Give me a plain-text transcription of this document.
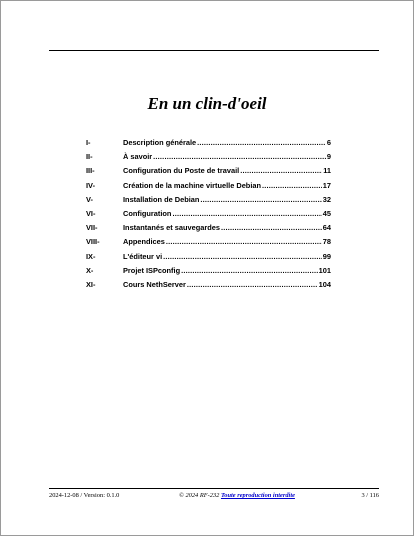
En un clin-d'oeil
I-	Description générale .....	6
II-	À savoir .....	9
III-	Configuration du Poste de travail .....	11
IV-	Création de la machine virtuelle Debian .....	17
V-	Installation de Debian .....	32
VI-	Configuration .....	45
VII-	Instantanés et sauvegardes .....	64
VIII-	Appendices .....	78
IX-	L'éditeur vi .....	99
X-	Projet ISPconfig .....	101
XI-	Cours NethServer .....	104
2024-12-08 / Version: 0.1.0	© 2024 RF-232 Toute reproduction interdite	3 / 116
